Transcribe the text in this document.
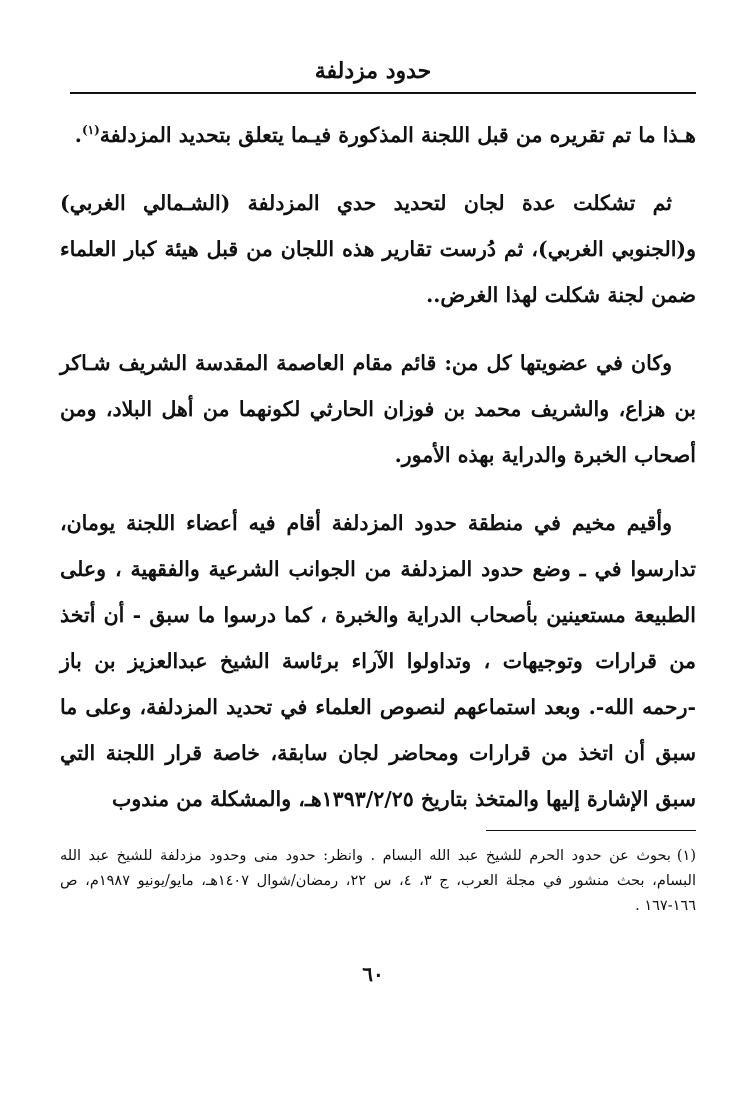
حدود مزدلفة

هـذا ما تم تقريره من قبل اللجنة المذكورة فيـما يتعلق بتحديد المزدلفة$^{(١)}$.

ثم تشكلت عدة لجان لتحديد حدي المزدلفة (الشـمالي الغربي) و(الجنوبي الغربي)، ثم دُرست تقارير هذه اللجان من قبل هيئة كبار العلماء ضمن لجنة شكلت لهذا الغرض..

وكان في عضويتها كل من: قائم مقام العاصمة المقدسة الشريف شـاكر بن هزاع، والشريف محمد بن فوزان الحارثي لكونهما من أهل البلاد، ومن أصحاب الخبرة والدراية بهذه الأمور.

وأقيم مخيم في منطقة حدود المزدلفة أقام فيه أعضاء اللجنة يومان، تدارسوا في ـ وضع حدود المزدلفة من الجوانب الشرعية والفقهية ، وعلى الطبيعة مستعينين بأصحاب الدراية والخبرة ، كما درسوا ما سبق - أن أتخذ من قرارات وتوجيهات ، وتداولوا الآراء برئاسة الشيخ عبدالعزيز بن باز -رحمه الله-. وبعد استماعهم لنصوص العلماء في تحديد المزدلفة، وعلى ما سبق أن اتخذ من قرارات ومحاضر لجان سابقة، خاصة قرار اللجنة التي سبق الإشارة إليها والمتخذ بتاريخ ١٣٩٣/٢/٢٥هـ، والمشكلة من مندوب

(١)بحوث عن حدود الحرم للشيخ عبد الله البسام . وانظر: حدود منى وحدود مزدلفة للشيخ عبد الله البسام، بحث منشور في مجلة العرب، ج ٣، ٤، س ٢٢، رمضان/شوال ١٤٠٧هـ، مايو/يونيو ١٩٨٧م، ص ١٦٦-١٦٧ .
٦٠
